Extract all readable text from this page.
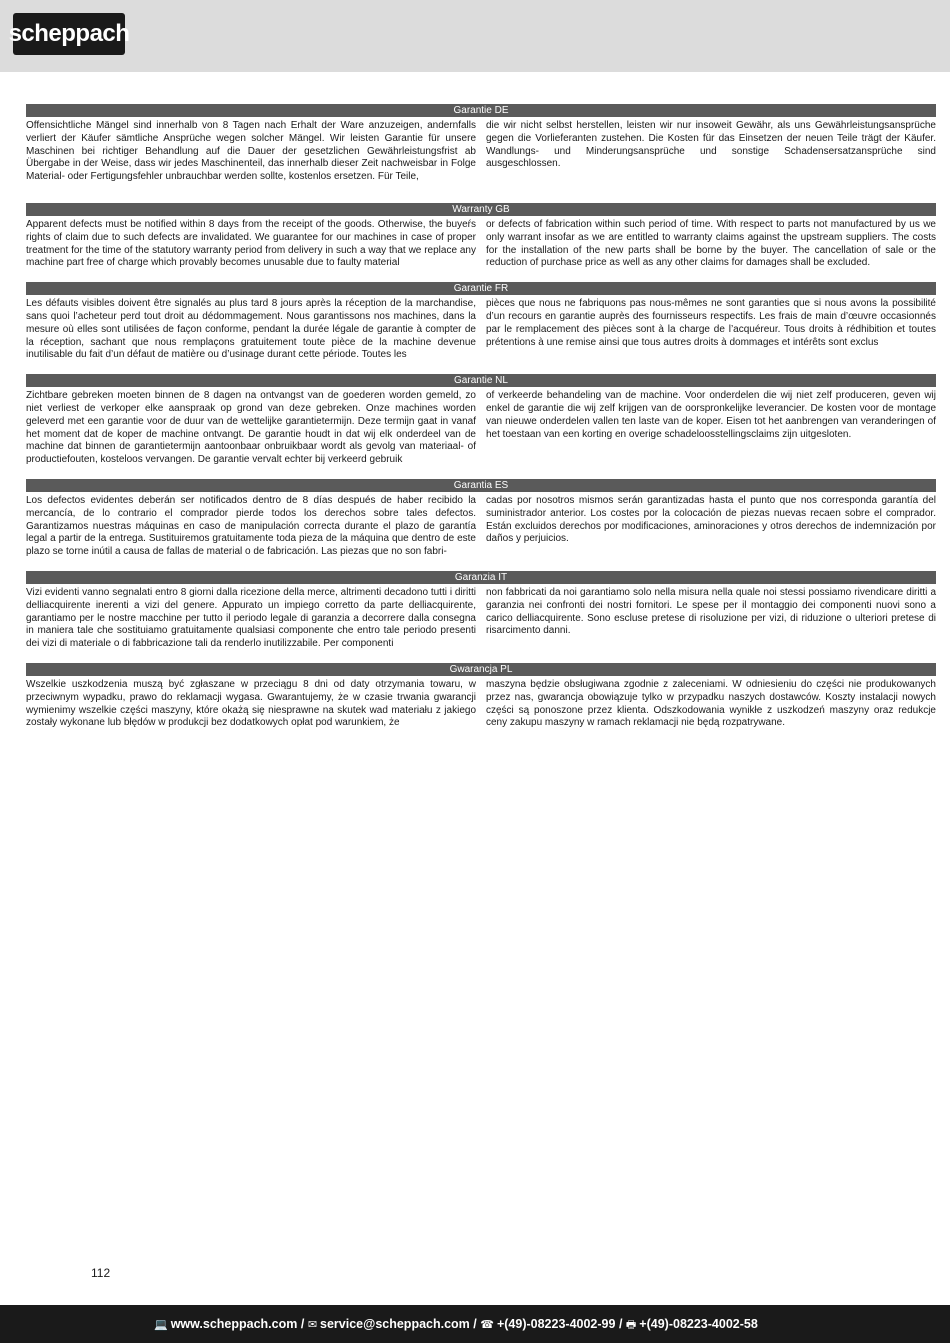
scheppach
Garantie DE
Offensichtliche Mängel sind innerhalb von 8 Tagen nach Erhalt der Ware anzuzeigen, andernfalls verliert der Käufer sämtliche Ansprüche wegen solcher Mängel. Wir leisten Garantie für unsere Maschinen bei richtiger Behandlung auf die Dauer der gesetzlichen Gewährleistungsfrist ab Übergabe in der Weise, dass wir jedes Maschinenteil, das innerhalb dieser Zeit nachweisbar in Folge Material- oder Fertigungsfehler unbrauchbar werden sollte, kostenlos ersetzen. Für Teile,
die wir nicht selbst herstellen, leisten wir nur insoweit Gewähr, als uns Gewährleistungsansprüche gegen die Vorlieferanten zustehen. Die Kosten für das Einsetzen der neuen Teile trägt der Käufer. Wandlungs- und Minderungsansprüche und sonstige Schadensersatzansprüche sind ausgeschlossen.
Warranty GB
Apparent defects must be notified within 8 days from the receipt of the goods. Otherwise, the buyeŕs rights of claim due to such defects are invalidated. We guarantee for our machines in case of proper treatment for the time of the statutory warranty period from delivery in such a way that we replace any machine part free of charge which provably becomes unusable due to faulty material
or defects of fabrication within such period of time. With respect to parts not manufactured by us we only warrant insofar as we are entitled to warranty claims against the upstream suppliers. The costs for the installation of the new parts shall be borne by the buyer. The cancellation of sale or the reduction of purchase price as well as any other claims for damages shall be excluded.
Garantie FR
Les défauts visibles doivent être signalés au plus tard 8 jours après la réception de la marchandise, sans quoi l’acheteur perd tout droit au dédommagement. Nous garantissons nos machines, dans la mesure où elles sont utilisées de façon conforme, pendant la durée légale de garantie à compter de la réception, sachant que nous remplaçons gratuitement toute pièce de la machine devenue inutilisable du fait d’un défaut de matière ou d’usinage durant cette période. Toutes les
pièces que nous ne fabriquons pas nous-mêmes ne sont garanties que si nous avons la possibilité d’un recours en garantie auprès des fournisseurs respectifs. Les frais de main d’œuvre occasionnés par le remplacement des pièces sont à la charge de l’acquéreur. Tous droits à rédhibition et toutes prétentions à une remise ainsi que tous autres droits à dommages et intérêts sont exclus
Garantie NL
Zichtbare gebreken moeten binnen de 8 dagen na ontvangst van de goederen worden gemeld, zo niet verliest de verkoper elke aanspraak op grond van deze gebreken. Onze machines worden geleverd met een garantie voor de duur van de wettelijke garantietermijn. Deze termijn gaat in vanaf het moment dat de koper de machine ontvangt. De garantie houdt in dat wij elk onderdeel van de machine dat binnen de garantietermijn aantoonbaar onbruikbaar wordt als gevolg van materiaal- of productiefouten, kosteloos vervangen. De garantie vervalt echter bij verkeerd gebruik
of verkeerde behandeling van de machine. Voor onderdelen die wij niet zelf produceren, geven wij enkel de garantie die wij zelf krijgen van de oorspronkelijke leverancier. De kosten voor de montage van nieuwe onderdelen vallen ten laste van de koper. Eisen tot het aanbrengen van veranderingen of het toestaan van een korting en overige schadeloosstellingsclaims zijn uitgesloten.
Garantia ES
Los defectos evidentes deberán ser notificados dentro de 8 días después de haber recibido la mercancía, de lo contrario el comprador pierde todos los derechos sobre tales defectos. Garantizamos nuestras máquinas en caso de manipulación correcta durante el plazo de garantía legal a partir de la entrega. Sustituiremos gratuitamente toda pieza de la máquina que dentro de este plazo se torne inútil a causa de fallas de material o de fabricación. Las piezas que no son fabri-
cadas por nosotros mismos serán garantizadas hasta el punto que nos corresponda garantía del suministrador anterior. Los costes por la colocación de piezas nuevas recaen sobre el comprador. Están excluidos derechos por modificaciones, aminoraciones y otros derechos de indemnización por daños y perjuicios.
Garanzia IT
Vizi evidenti vanno segnalati entro 8 giorni dalla ricezione della merce, altrimenti decadono tutti i diritti delliacquirente inerenti a vizi del genere. Appurato un impiego corretto da parte delliacquirente, garantiamo per le nostre macchine per tutto il periodo legale di garanzia a decorrere dalla consegna in maniera tale che sostituiamo gratuitamente qualsiasi componente che entro tale periodo presenti dei vizi di materiale o di fabbricazione tali da renderlo inutilizzabile. Per componenti
non fabbricati da noi garantiamo solo nella misura nella quale noi stessi possiamo rivendicare diritti a garanzia nei confronti dei nostri fornitori. Le spese per il montaggio dei componenti nuovi sono a carico delliacquirente. Sono escluse pretese di risoluzione per vizi, di riduzione o ulteriori pretese di risarcimento danni.
Gwarancja PL
Wszelkie uszkodzenia muszą być zgłaszane w przeciągu 8 dni od daty otrzymania towaru, w przeciwnym wypadku, prawo do reklamacji wygasa. Gwarantujemy, że w czasie trwania gwarancji wymienimy wszelkie części maszyny, które okażą się niesprawne na skutek wad materiału z jakiego zostały wykonane lub błędów w produkcji bez dodatkowych opłat pod warunkiem, że
maszyna będzie obsługiwana zgodnie z zaleceniami. W odniesieniu do części nie produkowanych przez nas, gwarancja obowiązuje tylko w przypadku naszych dostawców. Koszty instalacji nowych części są ponoszone przez klienta. Odszkodowania wynikłe z uszkodzeń maszyny oraz redukcje ceny zakupu maszyny w ramach reklamacji nie będą rozpatrywane.
112
💻 www.scheppach.com / ✉ service@scheppach.com / ☎ +(49)-08223-4002-99 / 🖶 +(49)-08223-4002-58
